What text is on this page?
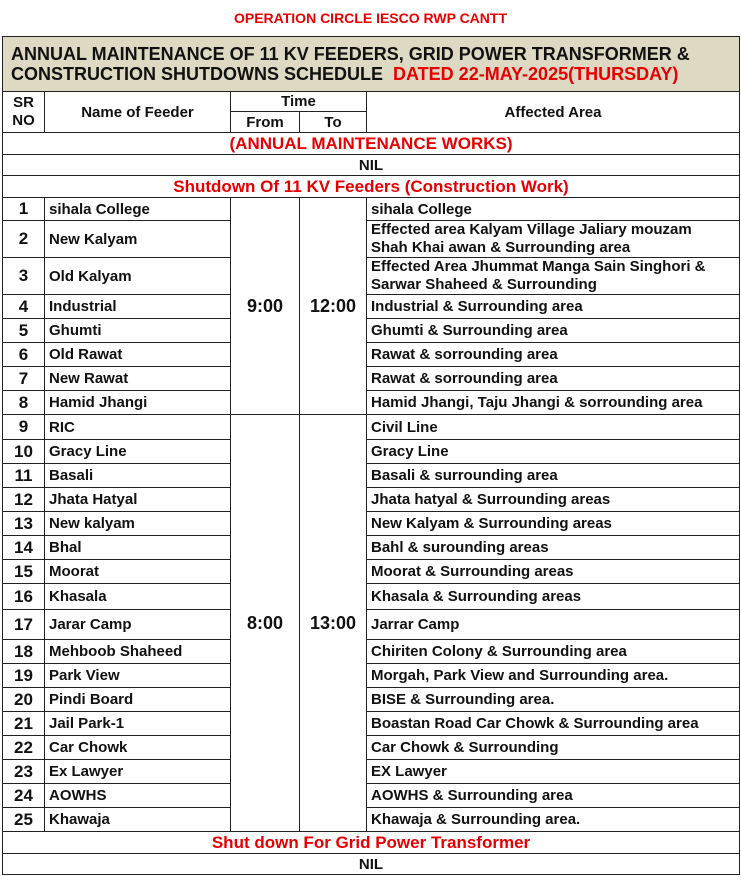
OPERATION CIRCLE IESCO RWP CANTT
ANNUAL MAINTENANCE OF 11 KV FEEDERS, GRID POWER TRANSFORMER &
CONSTRUCTION SHUTDOWNS SCHEDULE DATED 22-MAY-2025(THURSDAY)				
SR NO	Name of Feeder	Time		Affected Area
		From	To	
(ANNUAL MAINTENANCE WORKS)				
NIL				
Shutdown Of 11 KV Feeders (Construction Work)				
1	sihala College	9:00	12:00	sihala College
2	New Kalyam			Effected area Kalyam Village Jaliary mouzam
Shah Khai awan & Surrounding area

3	Old Kalyam			Effected Area Jhummat Manga Sain Singhori &
Sarwar Shaheed & Surrounding

4	Industrial			Industrial & Surrounding area
5	Ghumti			Ghumti & Surrounding area
6	Old Rawat			Rawat & sorrounding area
7	New Rawat			Rawat & sorrounding area
8	Hamid Jhangi			Hamid Jhangi, Taju Jhangi & sorrounding area
9	RIC	8:00	13:00	Civil Line
10	Gracy Line			Gracy Line
11	Basali			Basali & surrounding area
12	Jhata Hatyal			Jhata hatyal & Surrounding areas
13	New kalyam			New Kalyam & Surrounding areas
14	Bhal			Bahl & surounding areas
15	Moorat			Moorat & Surrounding areas
16	Khasala			Khasala & Surrounding areas
17	Jarar Camp			Jarrar Camp
18	Mehboob Shaheed			Chiriten Colony & Surrounding area
19	Park View			Morgah, Park View and Surrounding area.
20	Pindi Board			BISE & Surrounding area.
21	Jail Park-1			Boastan Road Car Chowk & Surrounding area
22	Car Chowk			Car Chowk & Surrounding
23	Ex Lawyer			EX Lawyer
24	AOWHS			AOWHS & Surrounding area
25	Khawaja			Khawaja & Surrounding area.
Shut down For Grid Power Transformer				
NIL				
